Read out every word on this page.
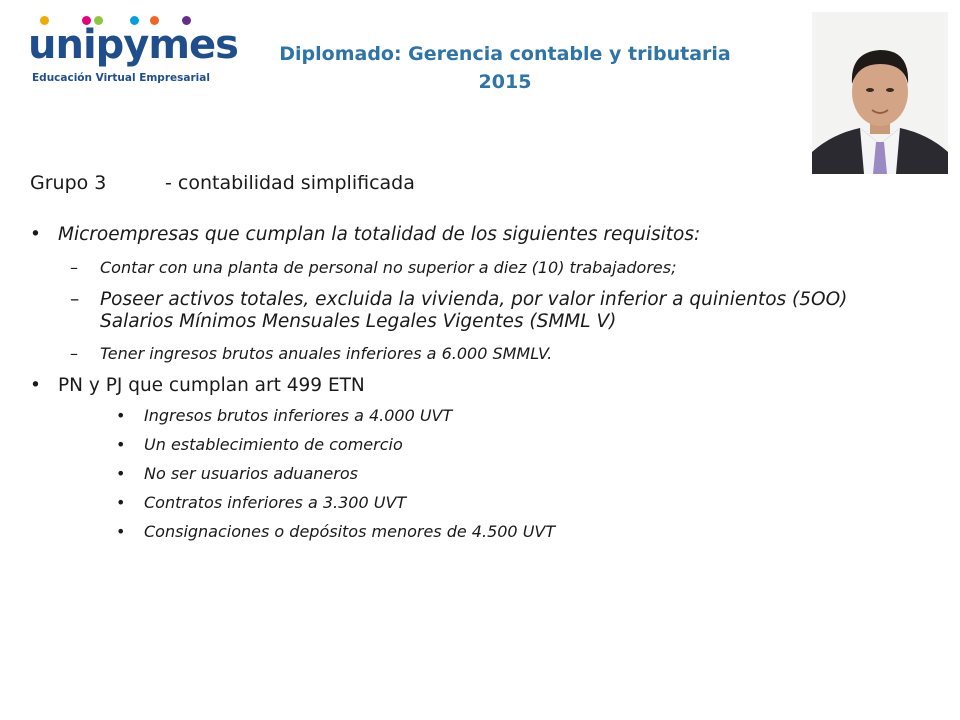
unipymes
Educación Virtual Empresarial
Diplomado: Gerencia contable y tributaria
2015
Grupo 3	- contabilidad simplificada
• Microempresas que cumplan la totalidad de los siguientes requisitos:
– Contar con una planta de personal no superior a diez (10) trabajadores;
– Poseer activos totales, excluida la vivienda, por valor inferior a quinientos (5OO) Salarios Mínimos Mensuales Legales Vigentes (SMML V)
– Tener ingresos brutos anuales inferiores a 6.000 SMMLV.
• PN y PJ que cumplan art 499 ETN
• Ingresos brutos inferiores a 4.000 UVT
• Un establecimiento de comercio
• No ser usuarios aduaneros
• Contratos inferiores a 3.300 UVT
• Consignaciones o depósitos menores de 4.500 UVT
